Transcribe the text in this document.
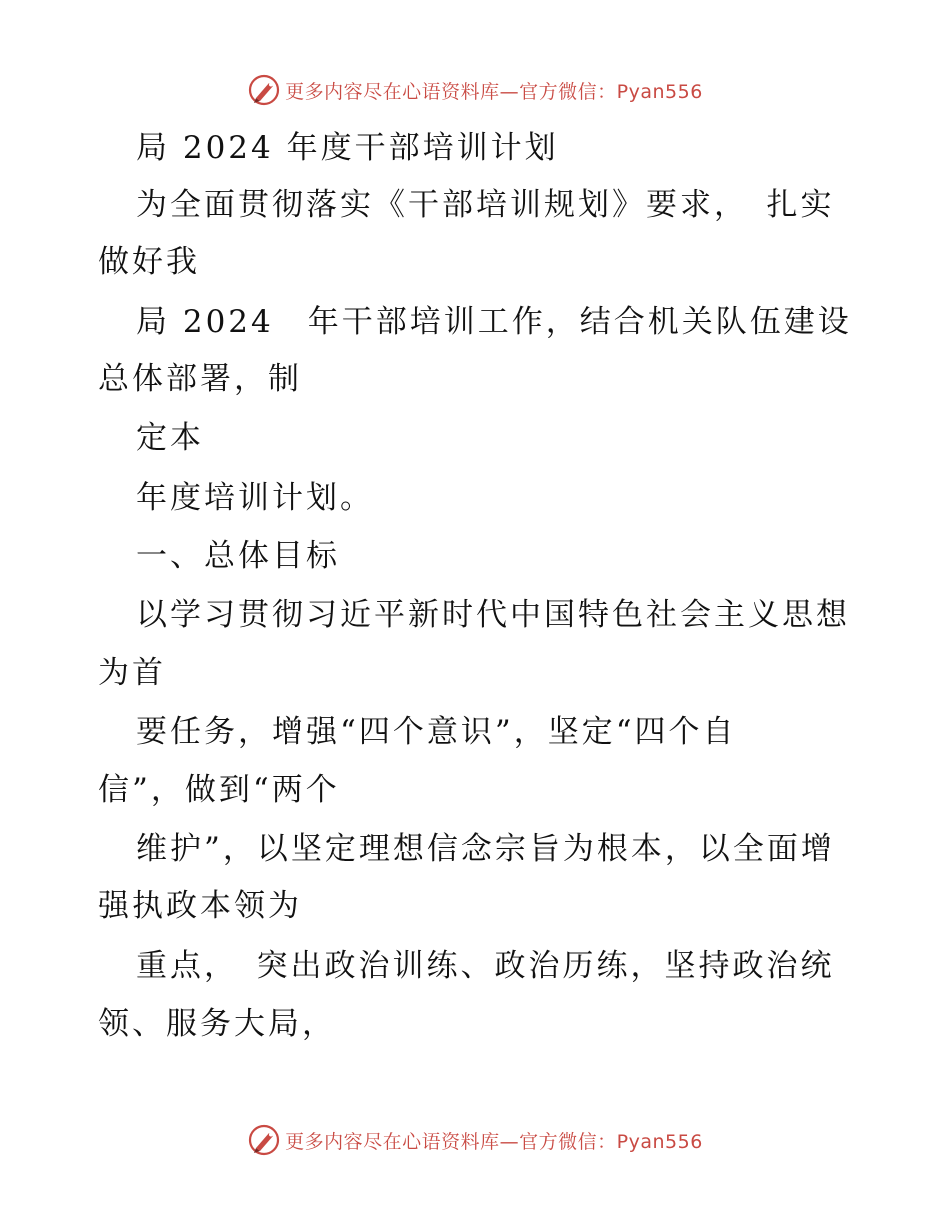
更多内容尽在心语资料库—官方微信：Pyan556
局 2024 年度干部培训计划
为全面贯彻落实《干部培训规划》要求，　扎实
做好我
局 2024　年干部培训工作，结合机关队伍建设
总体部署，制
定本
年度培训计划。
一、总体目标
以学习贯彻习近平新时代中国特色社会主义思想
为首
要任务，增强“四个意识”，坚定“四个自
信”，做到“两个
维护”，以坚定理想信念宗旨为根本，以全面增
强执政本领为
重点，　突出政治训练、政治历练，坚持政治统
领、服务大局，
更多内容尽在心语资料库—官方微信：Pyan556
